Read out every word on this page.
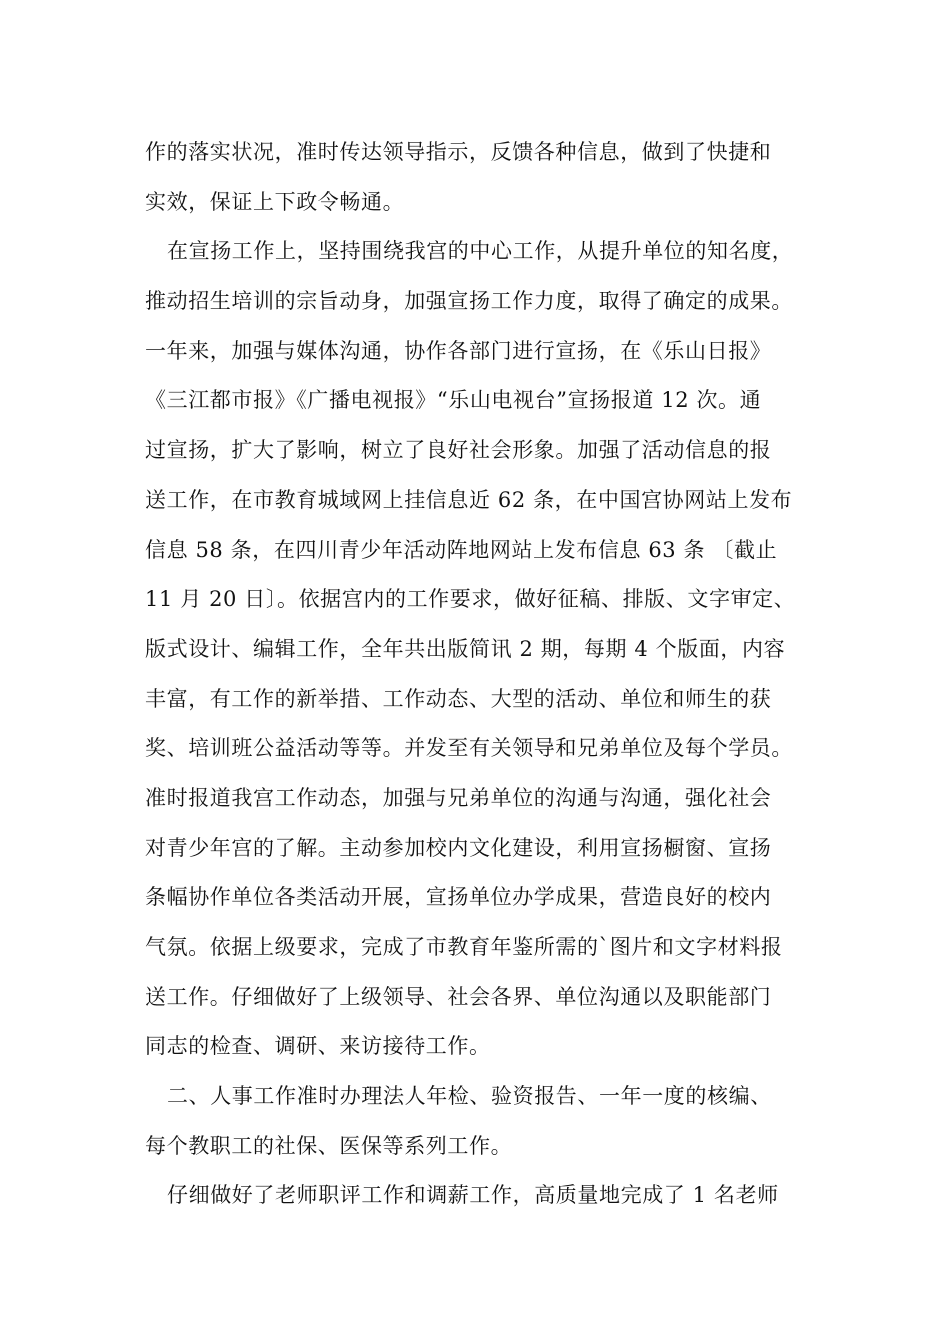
作的落实状况，准时传达领导指示，反馈各种信息，做到了快捷和
实效，保证上下政令畅通。
在宣扬工作上，坚持围绕我宫的中心工作，从提升单位的知名度，
推动招生培训的宗旨动身，加强宣扬工作力度，取得了确定的成果。
一年来，加强与媒体沟通，协作各部门进行宣扬，在《乐山日报》
《三江都市报》《广播电视报》“乐山电视台”宣扬报道 12 次。通
过宣扬，扩大了影响，树立了良好社会形象。加强了活动信息的报
送工作，在市教育城域网上挂信息近 62 条，在中国宫协网站上发布
信息 58 条，在四川青少年活动阵地网站上发布信息 63 条 〔截止
11 月 20 日〕。依据宫内的工作要求，做好征稿、排版、文字审定、
版式设计、编辑工作，全年共出版简讯 2 期，每期 4 个版面，内容
丰富，有工作的新举措、工作动态、大型的活动、单位和师生的获
奖、培训班公益活动等等。并发至有关领导和兄弟单位及每个学员。
准时报道我宫工作动态，加强与兄弟单位的沟通与沟通，强化社会
对青少年宫的了解。主动参加校内文化建设，利用宣扬橱窗、宣扬
条幅协作单位各类活动开展，宣扬单位办学成果，营造良好的校内
气氛。依据上级要求，完成了市教育年鉴所需的`图片和文字材料报
送工作。仔细做好了上级领导、社会各界、单位沟通以及职能部门
同志的检查、调研、来访接待工作。
二、人事工作准时办理法人年检、验资报告、一年一度的核编、
每个教职工的社保、医保等系列工作。
仔细做好了老师职评工作和调薪工作，高质量地完成了 1 名老师
